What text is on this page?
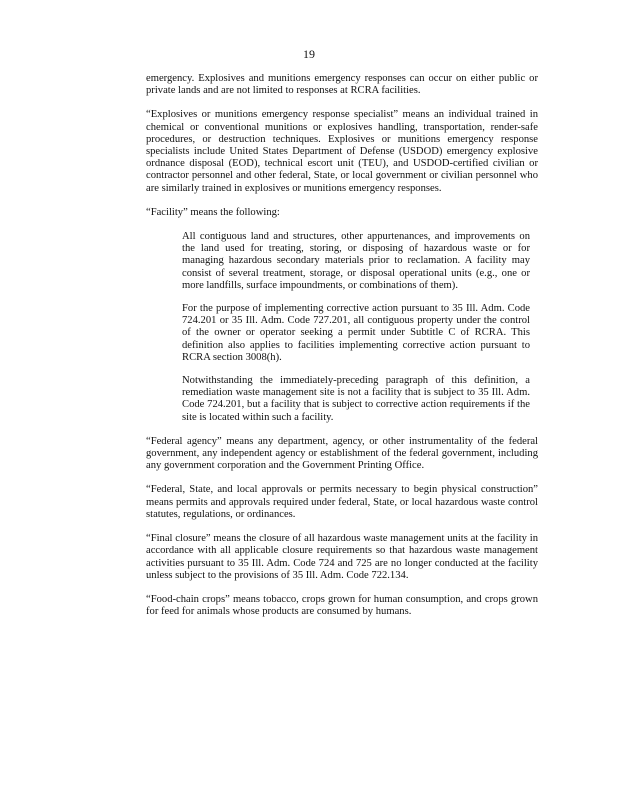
19

emergency. Explosives and munitions emergency responses can occur on either public or private lands and are not limited to responses at RCRA facilities.

“Explosives or munitions emergency response specialist” means an individual trained in chemical or conventional munitions or explosives handling, transportation, render-safe procedures, or destruction techniques. Explosives or munitions emergency response specialists include United States Department of Defense (USDOD) emergency explosive ordnance disposal (EOD), technical escort unit (TEU), and USDOD-certified civilian or contractor personnel and other federal, State, or local government or civilian personnel who are similarly trained in explosives or munitions emergency responses.

“Facility” means the following:

All contiguous land and structures, other appurtenances, and improvements on the land used for treating, storing, or disposing of hazardous waste or for managing hazardous secondary materials prior to reclamation. A facility may consist of several treatment, storage, or disposal operational units (e.g., one or more landfills, surface impoundments, or combinations of them).

For the purpose of implementing corrective action pursuant to 35 Ill. Adm. Code 724.201 or 35 Ill. Adm. Code 727.201, all contiguous property under the control of the owner or operator seeking a permit under Subtitle C of RCRA. This definition also applies to facilities implementing corrective action pursuant to RCRA section 3008(h).

Notwithstanding the immediately-preceding paragraph of this definition, a remediation waste management site is not a facility that is subject to 35 Ill. Adm. Code 724.201, but a facility that is subject to corrective action requirements if the site is located within such a facility.

“Federal agency” means any department, agency, or other instrumentality of the federal government, any independent agency or establishment of the federal government, including any government corporation and the Government Printing Office.

“Federal, State, and local approvals or permits necessary to begin physical construction” means permits and approvals required under federal, State, or local hazardous waste control statutes, regulations, or ordinances.

“Final closure” means the closure of all hazardous waste management units at the facility in accordance with all applicable closure requirements so that hazardous waste management activities pursuant to 35 Ill. Adm. Code 724 and 725 are no longer conducted at the facility unless subject to the provisions of 35 Ill. Adm. Code 722.134.

“Food-chain crops” means tobacco, crops grown for human consumption, and crops grown for feed for animals whose products are consumed by humans.
